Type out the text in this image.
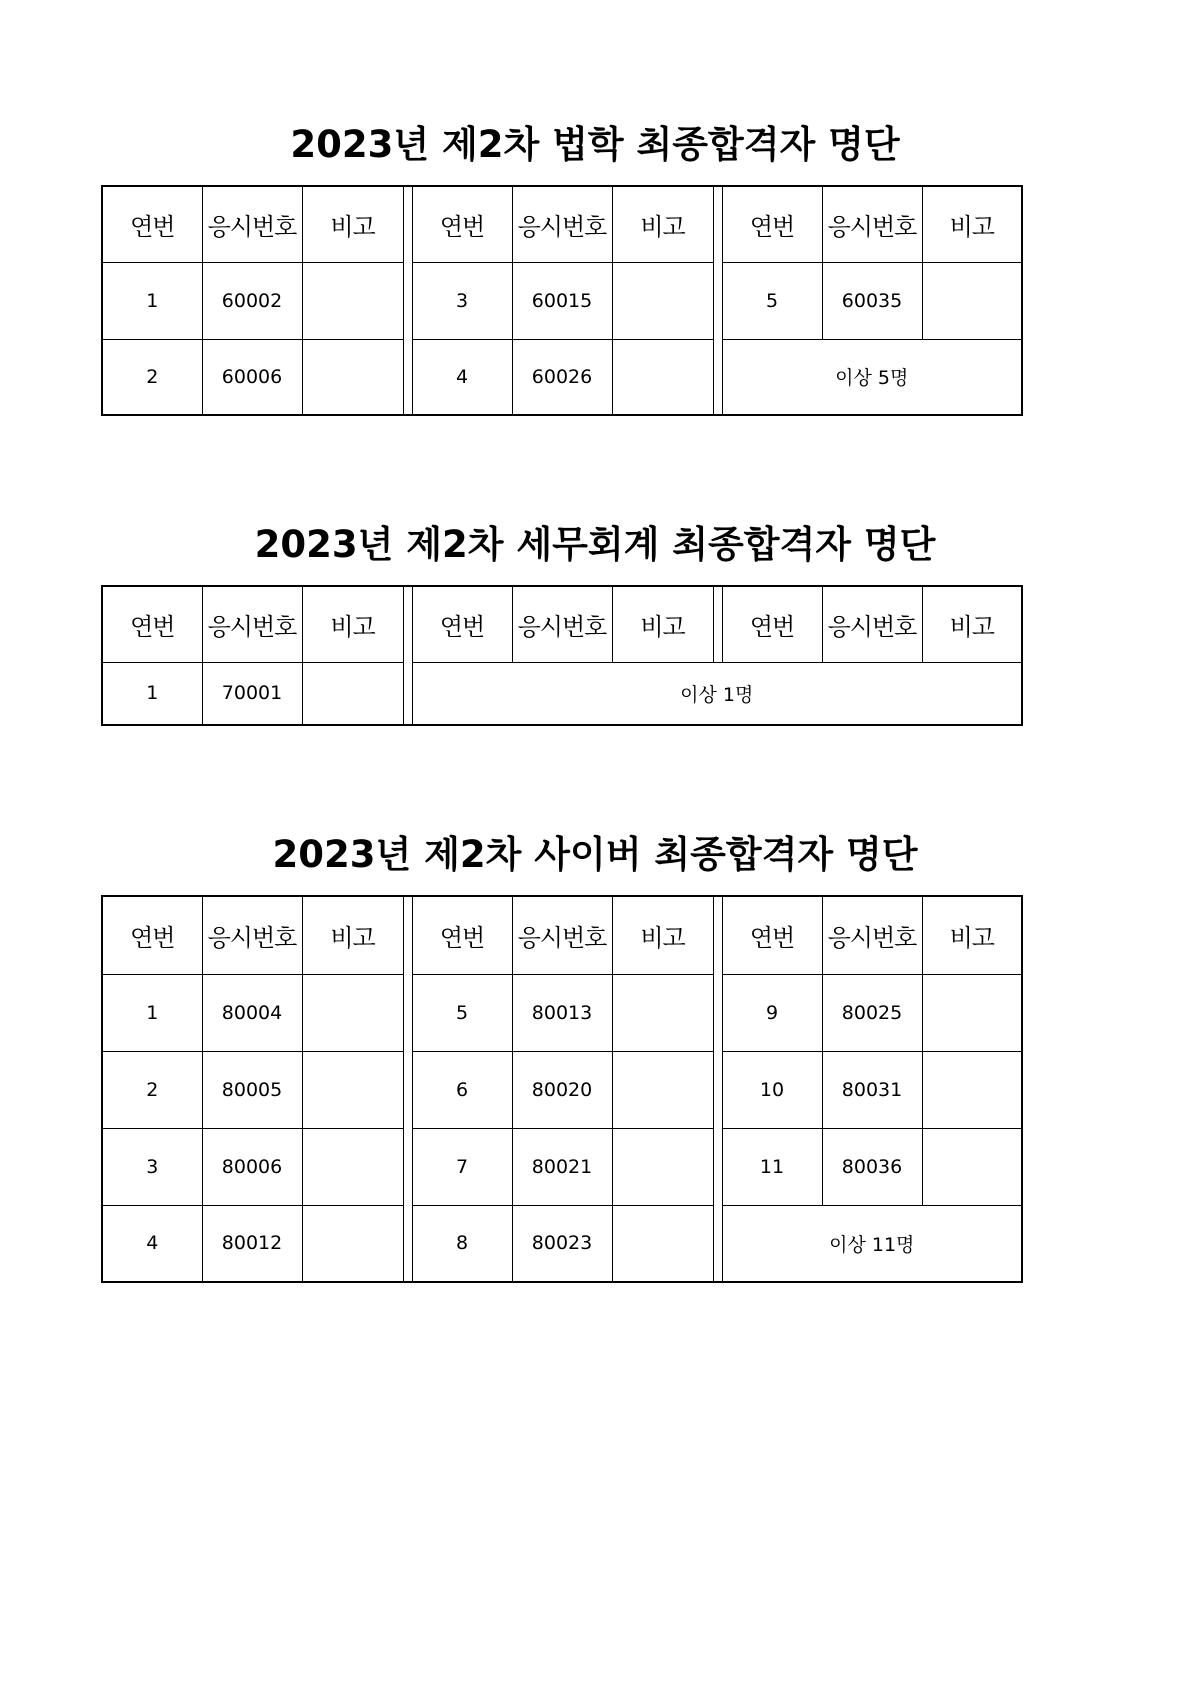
2023년 제2차 법학 최종합격자 명단
연번	응시번호	비고		연번	응시번호	비고		연번	응시번호	비고
1	60002			3	60015			5	60035	
2	60006			4	60026			이상 5명		
2023년 제2차 세무회계 최종합격자 명단
연번	응시번호	비고		연번	응시번호	비고		연번	응시번호	비고
1	70001			이상 1명						
2023년 제2차 사이버 최종합격자 명단
연번	응시번호	비고		연번	응시번호	비고		연번	응시번호	비고
1	80004			5	80013			9	80025	
2	80005			6	80020			10	80031	
3	80006			7	80021			11	80036	
4	80012			8	80023			이상 11명		
